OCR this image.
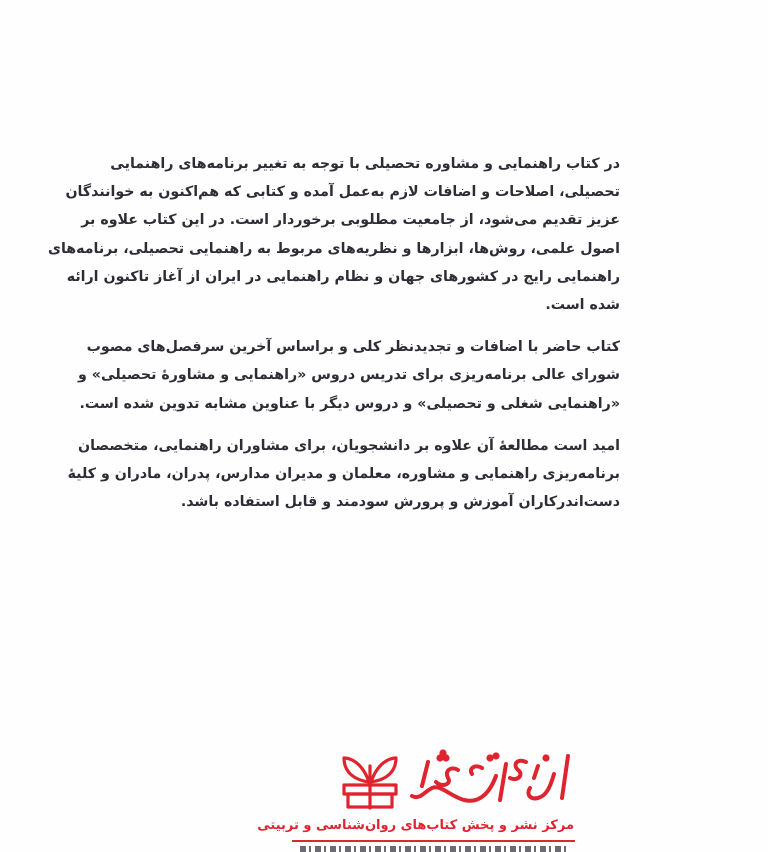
در کتاب راهنمایی و مشاوره تحصیلی با توجه به تغییر برنامه‌های راهنمایی
تحصیلی، اصلاحات و اضافات لازم به‌عمل آمده و کتابی که هم‌اکنون به خوانندگان
عزیز تقدیم می‌شود، از جامعیت مطلوبی برخوردار است. در این کتاب علاوه بر
اصول علمی، روش‌ها، ابزارها و نظریه‌های مربوط به راهنمایی تحصیلی، برنامه‌های
راهنمایی رایج در کشورهای جهان و نظام راهنمایی در ایران از آغاز تاکنون ارائه
شده است.

کتاب حاضر با اضافات و تجدیدنظر کلی و براساس آخرین سرفصل‌های مصوب
شورای عالی برنامه‌ریزی برای تدریس دروس «راهنمایی و مشاورهٔ تحصیلی» و
«راهنمایی شغلی و تحصیلی» و دروس دیگر با عناوین مشابه تدوین شده است.

امید است مطالعهٔ آن علاوه بر دانشجویان، برای مشاوران راهنمایی، متخصصان
برنامه‌ریزی راهنمایی و مشاوره، معلمان و مدیران مدارس، پدران، مادران و کلیهٔ
دست‌اندرکاران آموزش و پرورش سودمند و قابل استفاده باشد.

مرکز نشر و پخش کتاب‌های روان‌شناسی و تربیتی
